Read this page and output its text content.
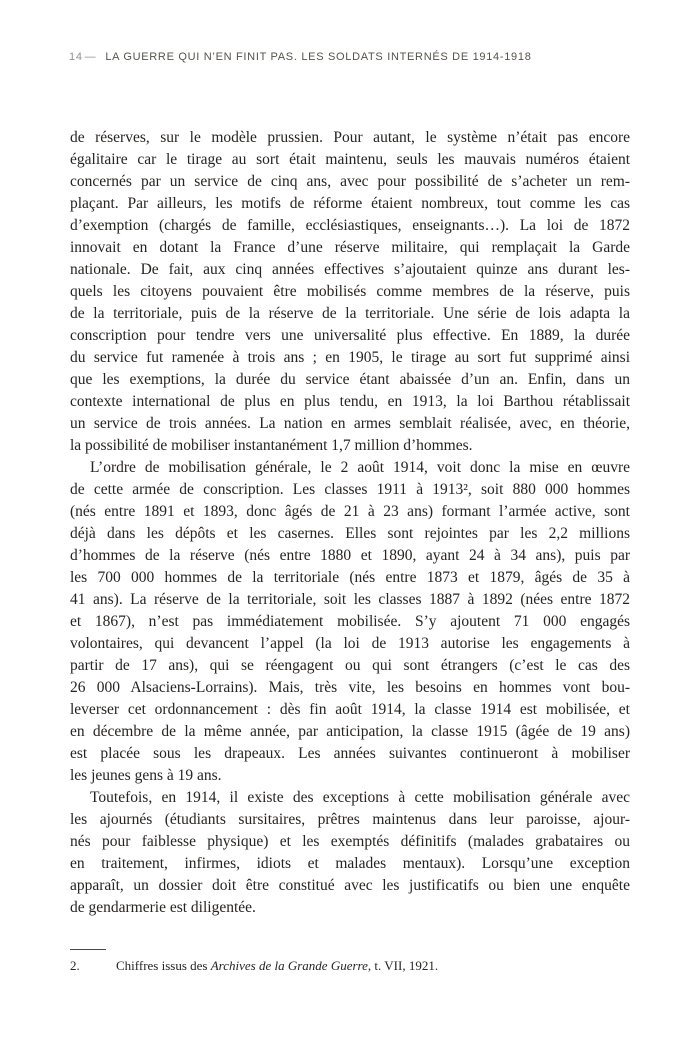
14 — LA GUERRE QUI N’EN FINIT PAS. LES SOLDATS INTERNÉS DE 1914-1918
de réserves, sur le modèle prussien. Pour autant, le système n’était pas encore
égalitaire car le tirage au sort était maintenu, seuls les mauvais numéros étaient
concernés par un service de cinq ans, avec pour possibilité de s’acheter un rem-
plaçant. Par ailleurs, les motifs de réforme étaient nombreux, tout comme les cas
d’exemption (chargés de famille, ecclésiastiques, enseignants…). La loi de 1872
innovait en dotant la France d’une réserve militaire, qui remplaçait la Garde
nationale. De fait, aux cinq années effectives s’ajoutaient quinze ans durant les-
quels les citoyens pouvaient être mobilisés comme membres de la réserve, puis
de la territoriale, puis de la réserve de la territoriale. Une série de lois adapta la
conscription pour tendre vers une universalité plus effective. En 1889, la durée
du service fut ramenée à trois ans ; en 1905, le tirage au sort fut supprimé ainsi
que les exemptions, la durée du service étant abaissée d’un an. Enfin, dans un
contexte international de plus en plus tendu, en 1913, la loi Barthou rétablissait
un service de trois années. La nation en armes semblait réalisée, avec, en théorie,
la possibilité de mobiliser instantanément 1,7 million d’hommes.
L’ordre de mobilisation générale, le 2 août 1914, voit donc la mise en œuvre
de cette armée de conscription. Les classes 1911 à 1913², soit 880 000 hommes
(nés entre 1891 et 1893, donc âgés de 21 à 23 ans) formant l’armée active, sont
déjà dans les dépôts et les casernes. Elles sont rejointes par les 2,2 millions
d’hommes de la réserve (nés entre 1880 et 1890, ayant 24 à 34 ans), puis par
les 700 000 hommes de la territoriale (nés entre 1873 et 1879, âgés de 35 à
41 ans). La réserve de la territoriale, soit les classes 1887 à 1892 (nées entre 1872
et 1867), n’est pas immédiatement mobilisée. S’y ajoutent 71 000 engagés
volontaires, qui devancent l’appel (la loi de 1913 autorise les engagements à
partir de 17 ans), qui se réengagent ou qui sont étrangers (c’est le cas des
26 000 Alsaciens-Lorrains). Mais, très vite, les besoins en hommes vont bou-
leverser cet ordonnancement : dès fin août 1914, la classe 1914 est mobilisée, et
en décembre de la même année, par anticipation, la classe 1915 (âgée de 19 ans)
est placée sous les drapeaux. Les années suivantes continueront à mobiliser
les jeunes gens à 19 ans.
Toutefois, en 1914, il existe des exceptions à cette mobilisation générale avec
les ajournés (étudiants sursitaires, prêtres maintenus dans leur paroisse, ajour-
nés pour faiblesse physique) et les exemptés définitifs (malades grabataires ou
en traitement, infirmes, idiots et malades mentaux). Lorsqu’une exception
apparaît, un dossier doit être constitué avec les justificatifs ou bien une enquête
de gendarmerie est diligentée.
2.	Chiffres issus des Archives de la Grande Guerre, t. VII, 1921.
